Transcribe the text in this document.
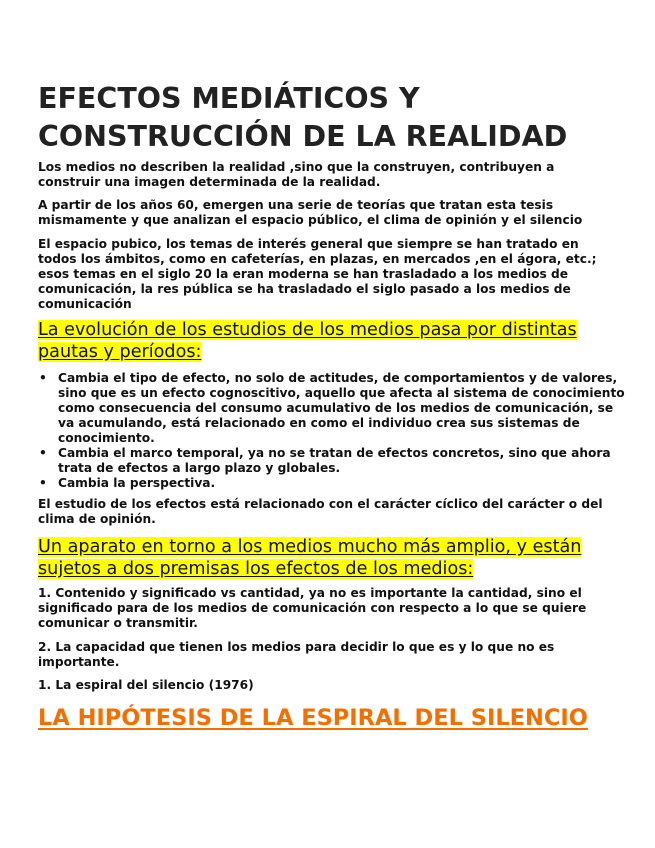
EFECTOS MEDIÁTICOS Y CONSTRUCCIÓN DE LA REALIDAD

Los medios no describen la realidad ,sino que la construyen, contribuyen a construir una imagen determinada de la realidad.

A partir de los años 60, emergen una serie de teorías que tratan esta tesis mismamente y que analizan el espacio público, el clima de opinión y el silencio

El espacio pubico, los temas de interés general que siempre se han tratado en todos los ámbitos, como en cafeterías, en plazas, en mercados ,en el ágora, etc.; esos temas en el siglo 20 la eran moderna se han trasladado a los medios de comunicación, la res pública se ha trasladado el siglo pasado a los medios de comunicación

La evolución de los estudios de los medios pasa por distintas pautas y períodos:
• Cambia el tipo de efecto, no solo de actitudes, de comportamientos y de valores, sino que es un efecto cognoscitivo, aquello que afecta al sistema de conocimiento como consecuencia del consumo acumulativo de los medios de comunicación, se va acumulando, está relacionado en como el individuo crea sus sistemas de conocimiento.
• Cambia el marco temporal, ya no se tratan de efectos concretos, sino que ahora trata de efectos a largo plazo y globales.
• Cambia la perspectiva.

El estudio de los efectos está relacionado con el carácter cíclico del carácter o del clima de opinión.

Un aparato en torno a los medios mucho más amplio, y están sujetos a dos premisas los efectos de los medios:

1. Contenido y significado vs cantidad, ya no es importante la cantidad, sino el significado para de los medios de comunicación con respecto a lo que se quiere comunicar o transmitir.

2. La capacidad que tienen los medios para decidir lo que es y lo que no es importante.

1. La espiral del silencio (1976)

LA HIPÓTESIS DE LA ESPIRAL DEL SILENCIO
